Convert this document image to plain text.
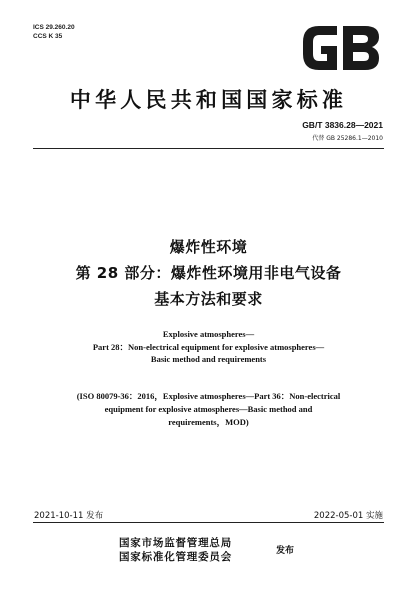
ICS 29.260.20
CCS K 35
中华人民共和国国家标准
GB/T 3836.28—2021
代替 GB 25286.1—2010
爆炸性环境
第 28 部分：爆炸性环境用非电气设备
基本方法和要求
Explosive atmospheres—
Part 28：Non-electrical equipment for explosive atmospheres—
Basic method and requirements
(ISO 80079-36：2016，Explosive atmospheres—Part 36：Non-electrical
equipment for explosive atmospheres—Basic method and
requirements，MOD)
2021-10-11 发布	2022-05-01 实施
国家市场监督管理总局
国家标准化管理委员会	发布
